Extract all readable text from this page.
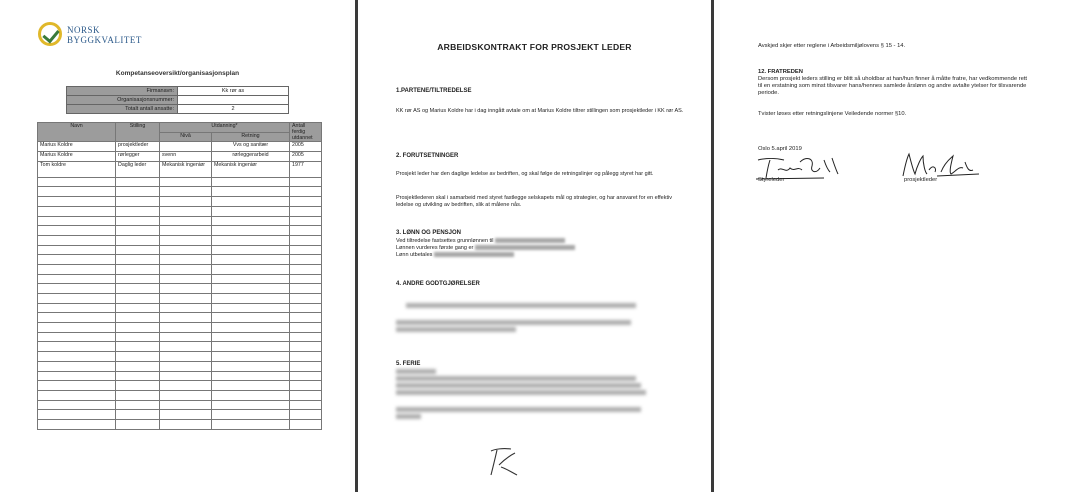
NORSK
BYGGKVALITET
Kompetanseoversikt/organisasjonsplan
Firmanavn:	Kk rør as
Organisasjonsnummer:	
Totalt antall ansatte:	2
Navn	Stilling	Utdanning*		Antall
ferdig
utdannet
		Nivå	Retning	
Marius Koldre	prosjektleder		Vvs og sanitær	2005
Marius Koldre	rørlegger	svenn	rørleggerarbeid	2005
Tom koldre	Daglig leder	Mekanisk ingeniør	Mekanisk ingeniør	1977

ARBEIDSKONTRAKT FOR PROSJEKT LEDER
1.PARTENE/TILTREDELSE
KK rør AS og Marius Koldre har i dag inngått avtale om at Marius Koldre tiltrer stillingen som prosjektleder i KK rør AS.
2. FORUTSETNINGER
Prosjekt leder har den daglige ledelse av bedriften, og skal følge de retningslinjer og pålegg styret har gitt.
Prosjektlederen skal i samarbeid med styret fastlegge selskapets mål og strategier, og har ansvaret for en effektiv ledelse og utvikling av bedriften, slik at målene nås.
3. LØNN OG PENSJON
Ved tiltredelse fastsettes grunnlønnen til
Lønnen vurderes første gang er
Lønn utbetales
4. ANDRE GODTGJØRELSER
5. FERIE
Avskjed skjer etter reglene i Arbeidsmiljølovens § 15 - 14.
12. FRATREDEN
Dersom prosjekt leders stilling er blitt så uholdbar at han/hun finner å måtte fratre, har vedkommende rett til en erstatning som minst tilsvarer hans/hennes samlede årslønn og andre avtalte ytelser for tilsvarende periode.
Tvister løses etter retningslinjene Veiledende normer §10.
Oslo 5.april 2019
Styreleder	prosjektleder
